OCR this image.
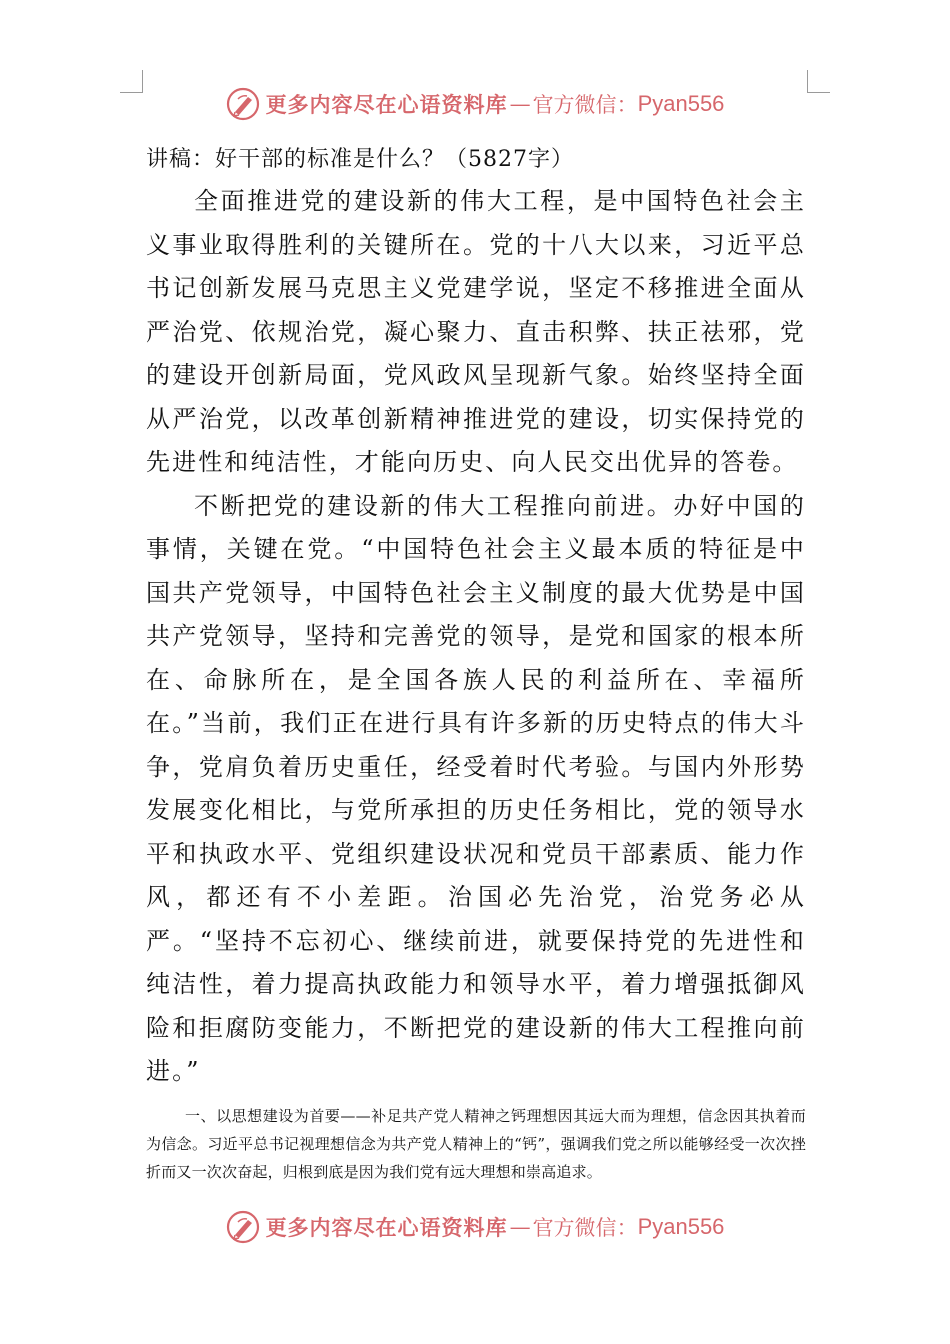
更多内容尽在心语资料库 — 官方微信 ： Pyan556

讲稿：好干部的标准是什么？（5827字）

全面推进党的建设新的伟大工程，是中国特色社会主义事业取得胜利的关键所在。党的十八大以来，习近平总书记创新发展马克思主义党建学说，坚定不移推进全面从严治党、依规治党，凝心聚力、直击积弊、扶正祛邪，党的建设开创新局面，党风政风呈现新气象。始终坚持全面从严治党，以改革创新精神推进党的建设，切实保持党的先进性和纯洁性，才能向历史、向人民交出优异的答卷。

不断把党的建设新的伟大工程推向前进。办好中国的事情，关键在党。“中国特色社会主义最本质的特征是中国共产党领导，中国特色社会主义制度的最大优势是中国共产党领导，坚持和完善党的领导，是党和国家的根本所在、命脉所在，是全国各族人民的利益所在、幸福所在。”当前，我们正在进行具有许多新的历史特点的伟大斗争，党肩负着历史重任，经受着时代考验。与国内外形势发展变化相比，与党所承担的历史任务相比，党的领导水平和执政水平、党组织建设状况和党员干部素质、能力作风，都还有不小差距。治国必先治党，治党务必从严。“坚持不忘初心、继续前进，就要保持党的先进性和纯洁性，着力提高执政能力和领导水平，着力增强抵御风险和拒腐防变能力，不断把党的建设新的伟大工程推向前进。”

一、以思想建设为首要——补足共产党人精神之钙理想因其远大而为理想，信念因其执着而为信念。习近平总书记视理想信念为共产党人精神上的“钙”，强调我们党之所以能够经受一次次挫折而又一次次奋起，归根到底是因为我们党有远大理想和崇高追求。

更多内容尽在心语资料库 — 官方微信 ： Pyan556
